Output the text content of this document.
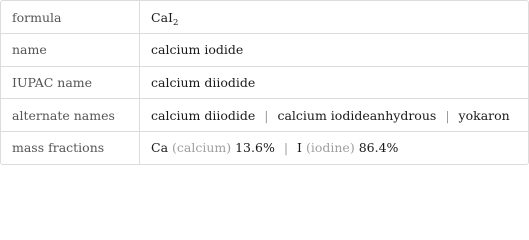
formula	CaI$_2$
name	calcium iodide
IUPAC name	calcium diiodide
alternate names	calcium diiodide | calcium iodideanhydrous | yokaron
mass fractions	Ca (calcium) 13.6% | I (iodine) 86.4%
